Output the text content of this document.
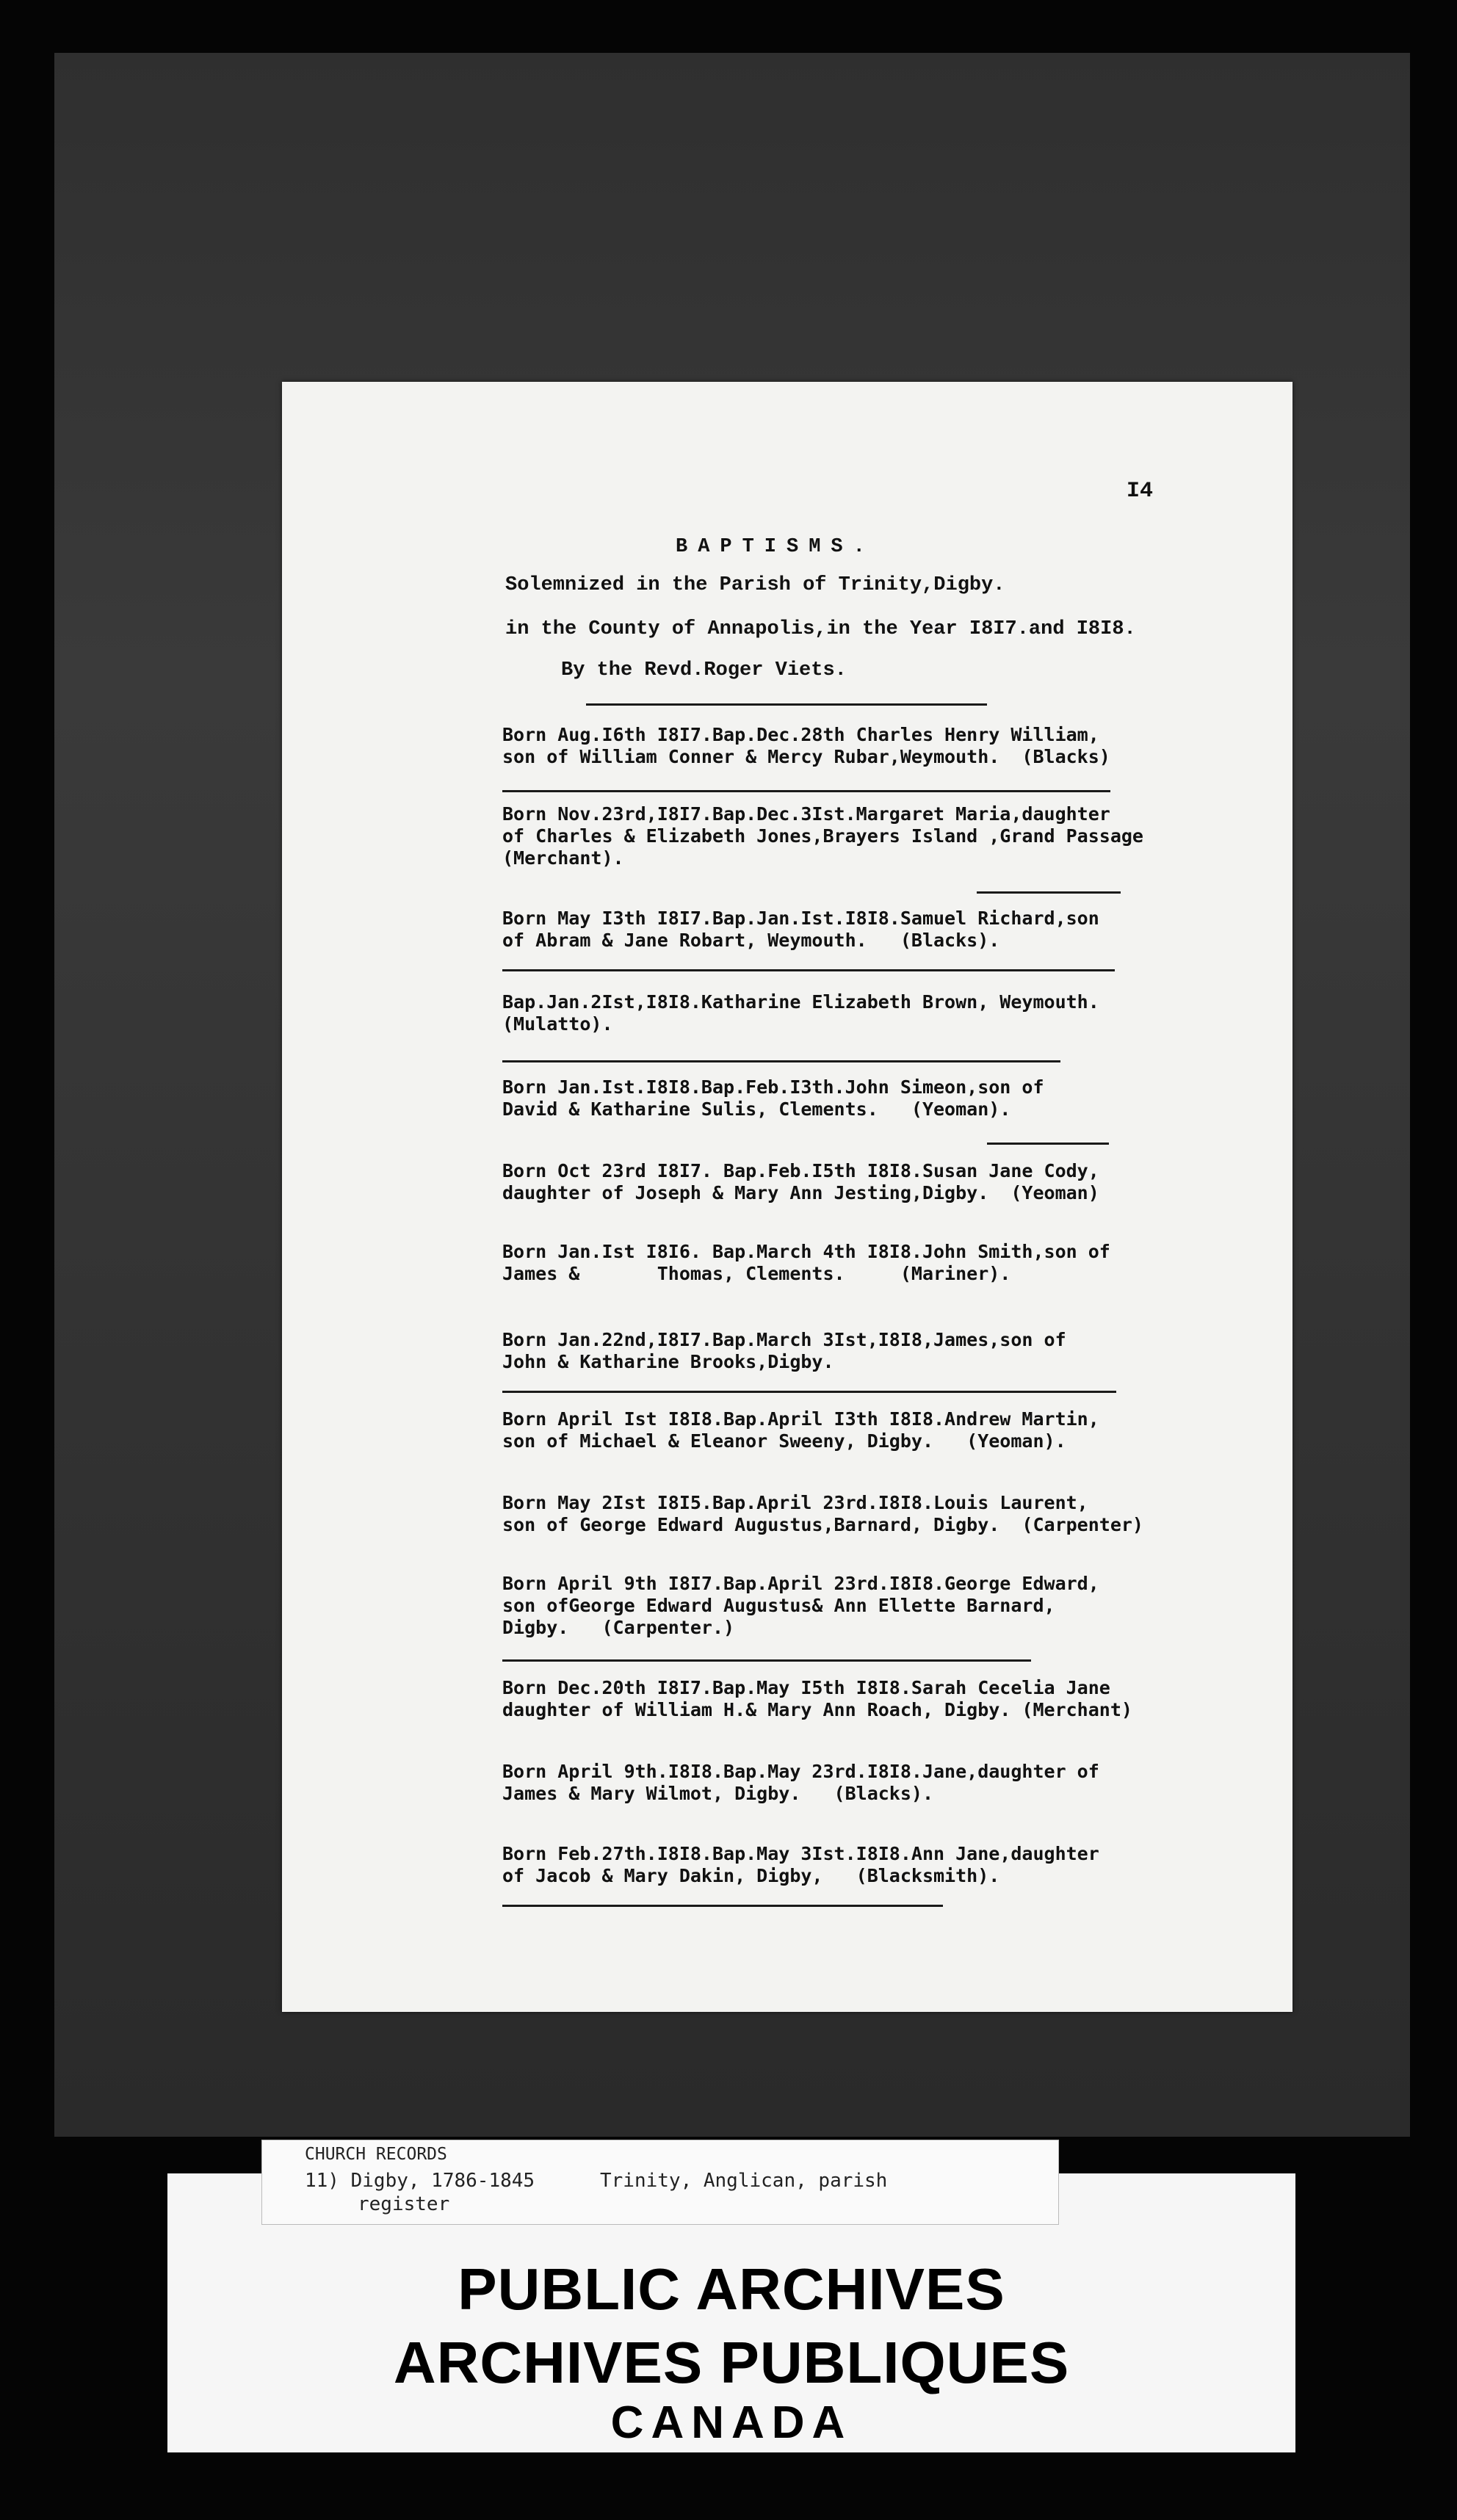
I4
BAPTISMS.
Solemnized in the Parish of Trinity,Digby.
in the County of Annapolis,in the Year I8I7.and I8I8.
By the Revd.Roger Viets.
Born Aug.I6th I8I7.Bap.Dec.28th Charles Henry William,
son of William Conner & Mercy Rubar,Weymouth.  (Blacks)
Born Nov.23rd,I8I7.Bap.Dec.3Ist.Margaret Maria,daughter
of Charles & Elizabeth Jones,Brayers Island ,Grand Passage
(Merchant).
Born May I3th I8I7.Bap.Jan.Ist.I8I8.Samuel Richard,son
of Abram & Jane Robart, Weymouth.   (Blacks).
Bap.Jan.2Ist,I8I8.Katharine Elizabeth Brown, Weymouth.
(Mulatto).
Born Jan.Ist.I8I8.Bap.Feb.I3th.John Simeon,son of
David & Katharine Sulis, Clements.   (Yeoman).
Born Oct 23rd I8I7. Bap.Feb.I5th I8I8.Susan Jane Cody,
daughter of Joseph & Mary Ann Jesting,Digby.  (Yeoman)
Born Jan.Ist I8I6. Bap.March 4th I8I8.John Smith,son of
James &       Thomas, Clements.     (Mariner).
Born Jan.22nd,I8I7.Bap.March 3Ist,I8I8,James,son of
John & Katharine Brooks,Digby.
Born April Ist I8I8.Bap.April I3th I8I8.Andrew Martin,
son of Michael & Eleanor Sweeny, Digby.   (Yeoman).
Born May 2Ist I8I5.Bap.April 23rd.I8I8.Louis Laurent,
son of George Edward Augustus,Barnard, Digby.  (Carpenter)
Born April 9th I8I7.Bap.April 23rd.I8I8.George Edward,
son ofGeorge Edward Augustus& Ann Ellette Barnard,
Digby.   (Carpenter.)
Born Dec.20th I8I7.Bap.May I5th I8I8.Sarah Cecelia Jane
daughter of William H.& Mary Ann Roach, Digby. (Merchant)
Born April 9th.I8I8.Bap.May 23rd.I8I8.Jane,daughter of
James & Mary Wilmot, Digby.   (Blacks).
Born Feb.27th.I8I8.Bap.May 3Ist.I8I8.Ann Jane,daughter
of Jacob & Mary Dakin, Digby,   (Blacksmith).
PUBLIC ARCHIVES
ARCHIVES PUBLIQUES
CANADA
CHURCH RECORDS
11) Digby, 1786-1845	Trinity, Anglican, parish
register
